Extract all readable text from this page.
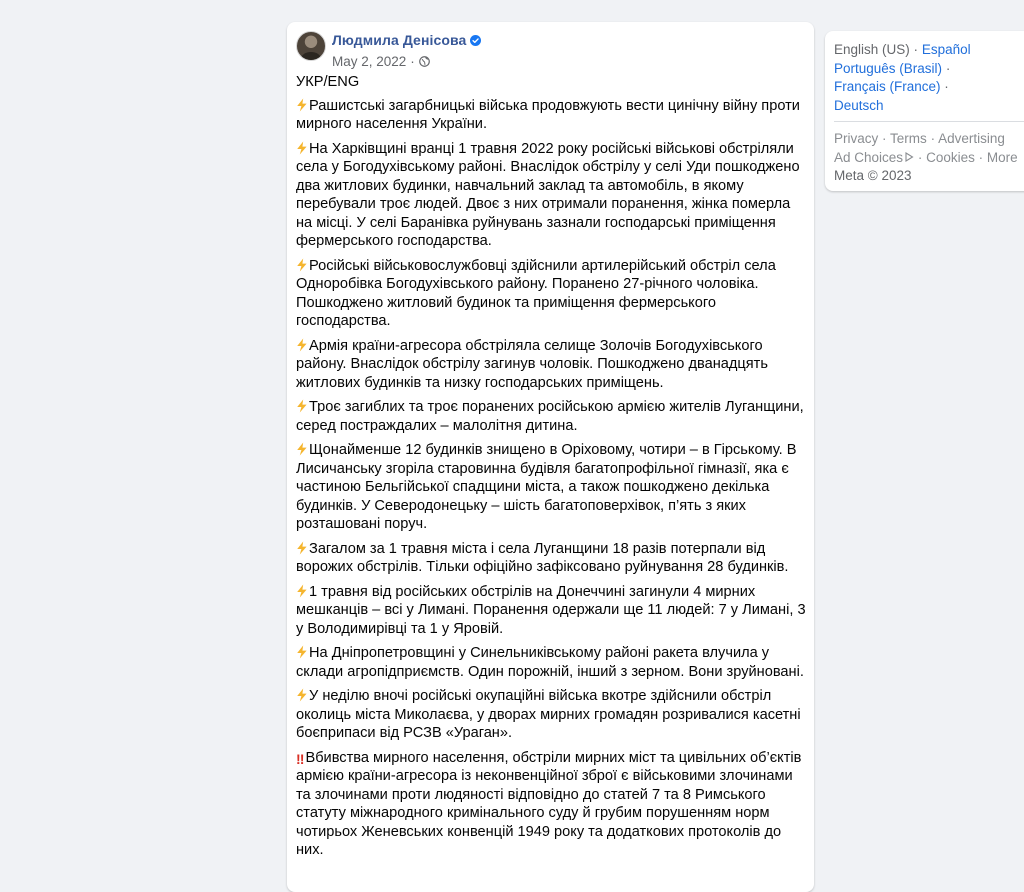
Людмила Денісова
May 2, 2022 ·

УКР/ENG

Рашистські загарбницькі війська продовжують вести цинічну війну проти мирного населення України.

На Харківщині вранці 1 травня 2022 року російські військові обстріляли села у Богодухівському районі. Внаслідок обстрілу у селі Уди пошкоджено два житлових будинки, навчальний заклад та автомобіль, в якому перебували троє людей. Двоє з них отримали поранення, жінка померла на місці. У селі Баранівка руйнувань зазнали господарські приміщення фермерського господарства.

Російські військовослужбовці здійснили артилерійський обстріл села Одноробівка Богодухівського району. Поранено 27-річного чоловіка. Пошкоджено житловий будинок та приміщення фермерського господарства.

Армія країни-агресора обстріляла селище Золочів Богодухівського району. Внаслідок обстрілу загинув чоловік. Пошкоджено дванадцять житлових будинків та низку господарських приміщень.

Троє загиблих та троє поранених російською армією жителів Луганщини, серед постраждалих – малолітня дитина.

Щонайменше 12 будинків знищено в Оріховому, чотири – в Гірському. В Лисичанську згоріла старовинна будівля багатопрофільної гімназії, яка є частиною Бельгійської спадщини міста, а також пошкоджено декілька будинків. У Северодонецьку – шість багатоповерхівок, п’ять з яких розташовані поруч.

Загалом за 1 травня міста і села Луганщини 18 разів потерпали від ворожих обстрілів. Тільки офіційно зафіксовано руйнування 28 будинків.

1 травня від російських обстрілів на Донеччині загинули 4 мирних мешканців – всі у Лимані. Поранення одержали ще 11 людей: 7 у Лимані, 3 у Володимирівці та 1 у Яровій.

На Дніпропетровщині у Синельниківському районі ракета влучила у склади агропідприємств. Один порожній, інший з зерном. Вони зруйновані.

У неділю вночі російські окупаційні війська вкотре здійснили обстріл околиць міста Миколаєва, у дворах мирних громадян розривалися касетні боєприпаси від РСЗВ «Ураган».

‼ Вбивства мирного населення, обстріли мирних міст та цивільних об’єктів армією країни-агресора із неконвенційної зброї є військовими злочинами та злочинами проти людяності відповідно до статей 7 та 8 Римського статуту міжнародного кримінального суду й грубим порушенням норм чотирьох Женевських конвенцій 1949 року та додаткових протоколів до них.

English (US) · Español
Português (Brasil) ·
Français (France) ·
Deutsch
Privacy · Terms · Advertising
Ad Choices · Cookies · More
Meta © 2023
